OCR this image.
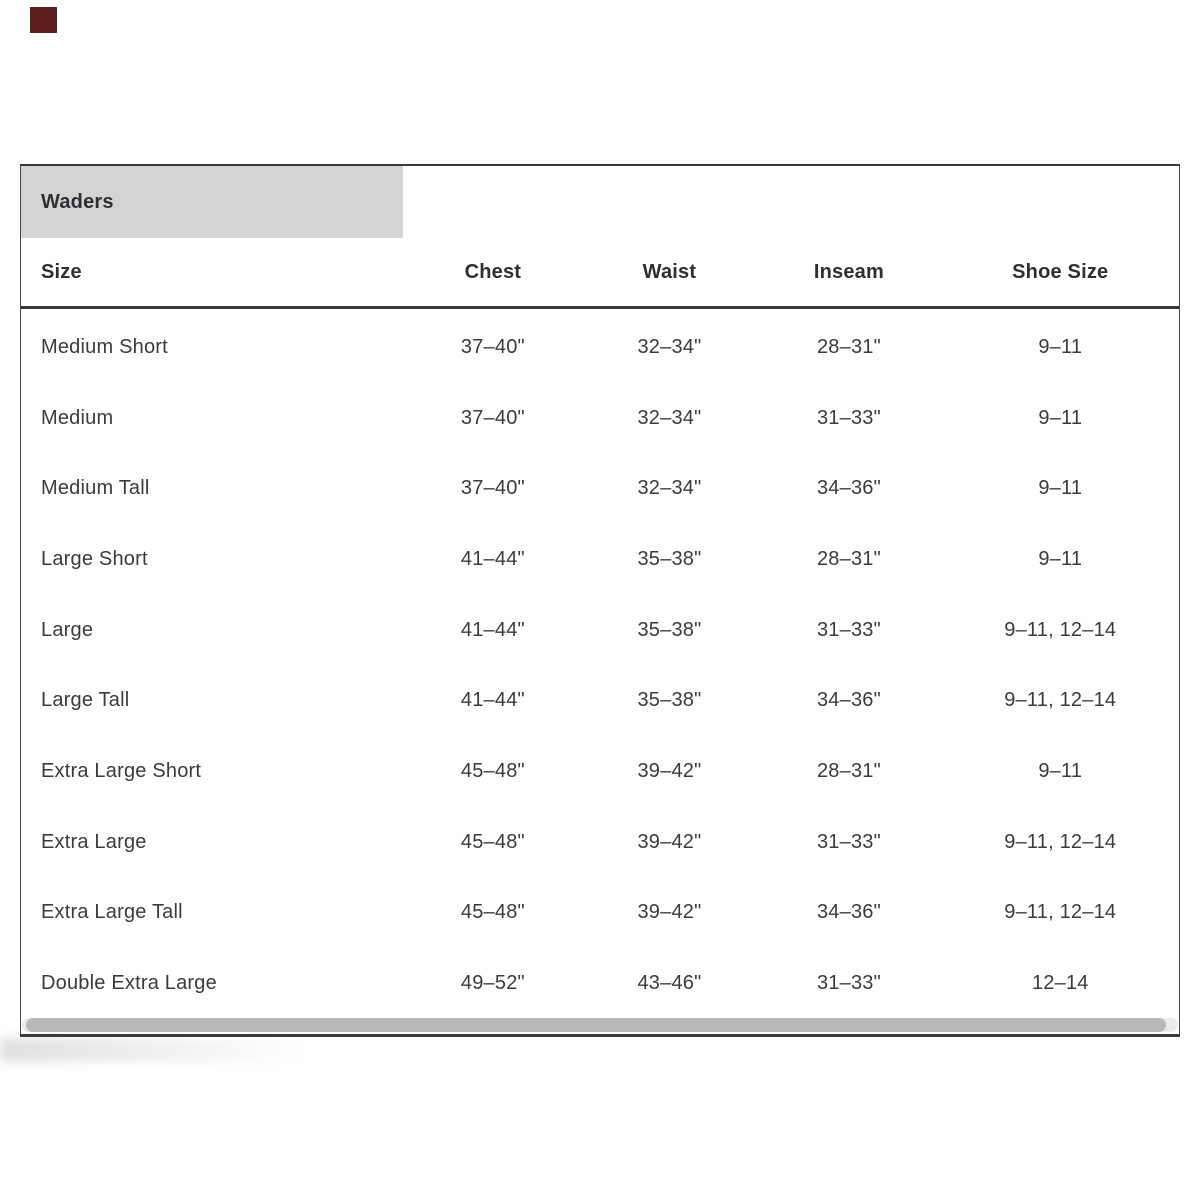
Waders
Size	Chest	Waist	Inseam	Shoe Size
Medium Short	37–40"	32–34"	28–31"	9–11
Medium	37–40"	32–34"	31–33"	9–11
Medium Tall	37–40"	32–34"	34–36"	9–11
Large Short	41–44"	35–38"	28–31"	9–11
Large	41–44"	35–38"	31–33"	9–11, 12–14
Large Tall	41–44"	35–38"	34–36"	9–11, 12–14
Extra Large Short	45–48"	39–42"	28–31"	9–11
Extra Large	45–48"	39–42"	31–33"	9–11, 12–14
Extra Large Tall	45–48"	39–42"	34–36"	9–11, 12–14
Double Extra Large	49–52"	43–46"	31–33"	12–14
